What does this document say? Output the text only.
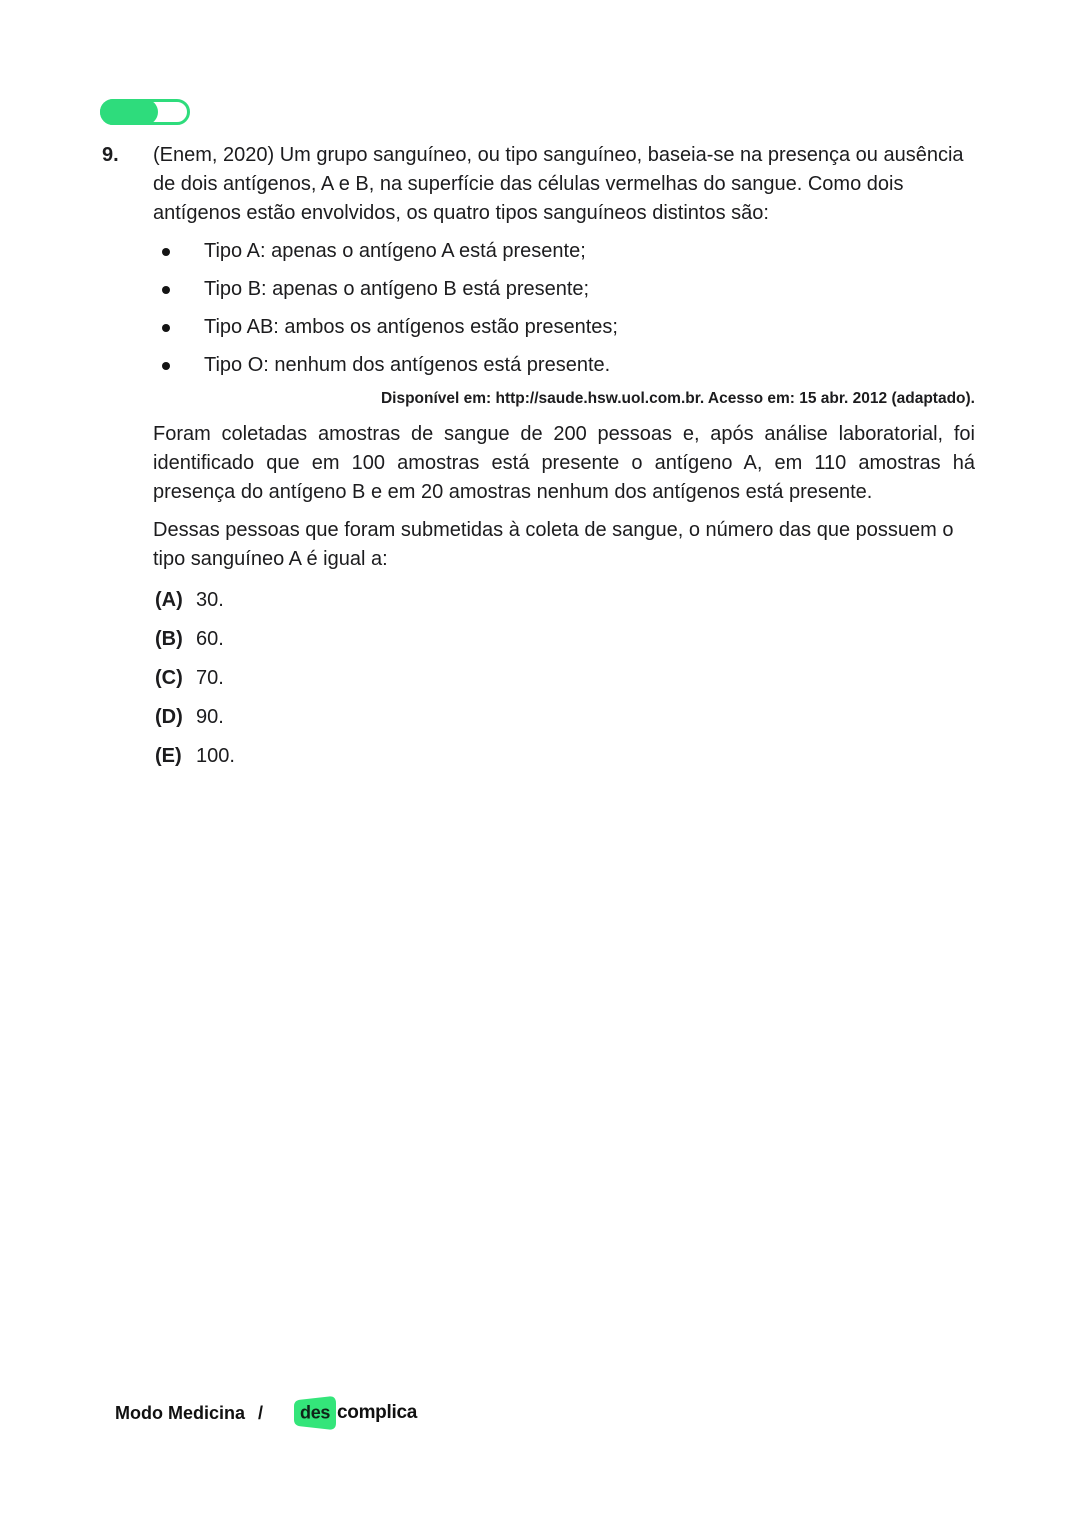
9.	(Enem, 2020) Um grupo sanguíneo, ou tipo sanguíneo, baseia-se na presença ou ausência de dois antígenos, A e B, na superfície das células vermelhas do sangue. Como dois antígenos estão envolvidos, os quatro tipos sanguíneos distintos são:

Tipo A: apenas o antígeno A está presente;
Tipo B: apenas o antígeno B está presente;
Tipo AB: ambos os antígenos estão presentes;
Tipo O: nenhum dos antígenos está presente.

Disponível em: http://saude.hsw.uol.com.br. Acesso em: 15 abr. 2012 (adaptado).

Foram coletadas amostras de sangue de 200 pessoas e, após análise laboratorial, foi identificado que em 100 amostras está presente o antígeno A, em 110 amostras há presença do antígeno B e em 20 amostras nenhum dos antígenos está presente.

Dessas pessoas que foram submetidas à coleta de sangue, o número das que possuem o tipo sanguíneo A é igual a:

(A) 30.
(B) 60.
(C) 70.
(D) 90.
(E) 100.
Modo Medicina / des complica
